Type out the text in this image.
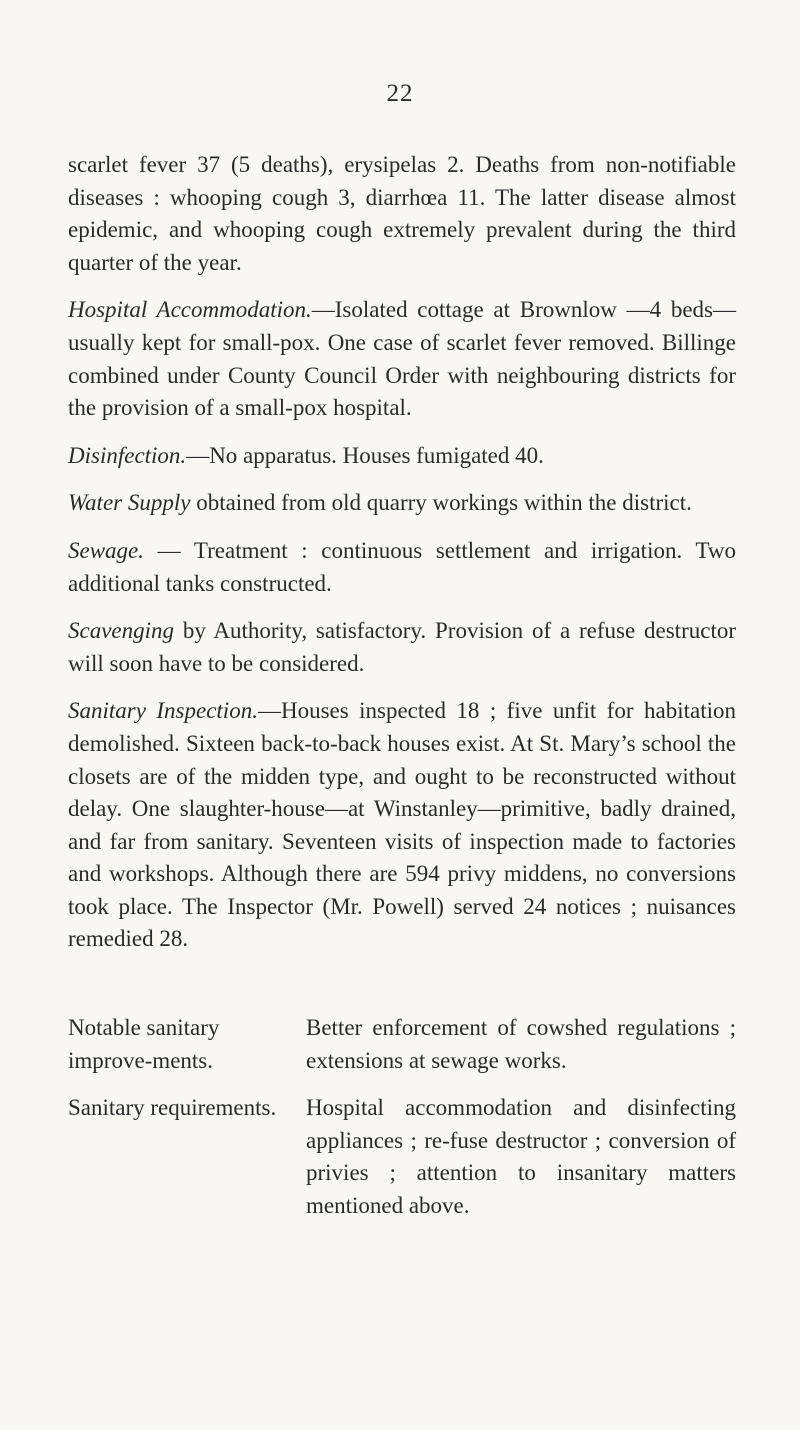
22

scarlet fever 37 (5 deaths), erysipelas 2. Deaths from non-notifiable diseases : whooping cough 3, diarrhœa 11. The latter disease almost epidemic, and whooping cough extremely prevalent during the third quarter of the year.

Hospital Accommodation.—Isolated cottage at Brownlow —4 beds—usually kept for small-pox. One case of scarlet fever removed. Billinge combined under County Council Order with neighbouring districts for the provision of a small-pox hospital.

Disinfection.—No apparatus. Houses fumigated 40.

Water Supply obtained from old quarry workings within the district.

Sewage. — Treatment : continuous settlement and irrigation. Two additional tanks constructed.

Scavenging by Authority, satisfactory. Provision of a refuse destructor will soon have to be considered.

Sanitary Inspection.—Houses inspected 18 ; five unfit for habitation demolished. Sixteen back-to-back houses exist. At St. Mary’s school the closets are of the midden type, and ought to be reconstructed without delay. One slaughter-house—at Winstanley—primitive, badly drained, and far from sanitary. Seventeen visits of inspection made to factories and workshops. Although there are 594 privy middens, no conversions took place. The Inspector (Mr. Powell) served 24 notices ; nuisances remedied 28.

Notable sanitary improve-ments.
Better enforcement of cowshed regulations ; extensions at sewage works.
Sanitary requirements.	Hospital accommodation and disinfecting appliances ; re-fuse destructor ; conversion of privies ; attention to insanitary matters mentioned above.
